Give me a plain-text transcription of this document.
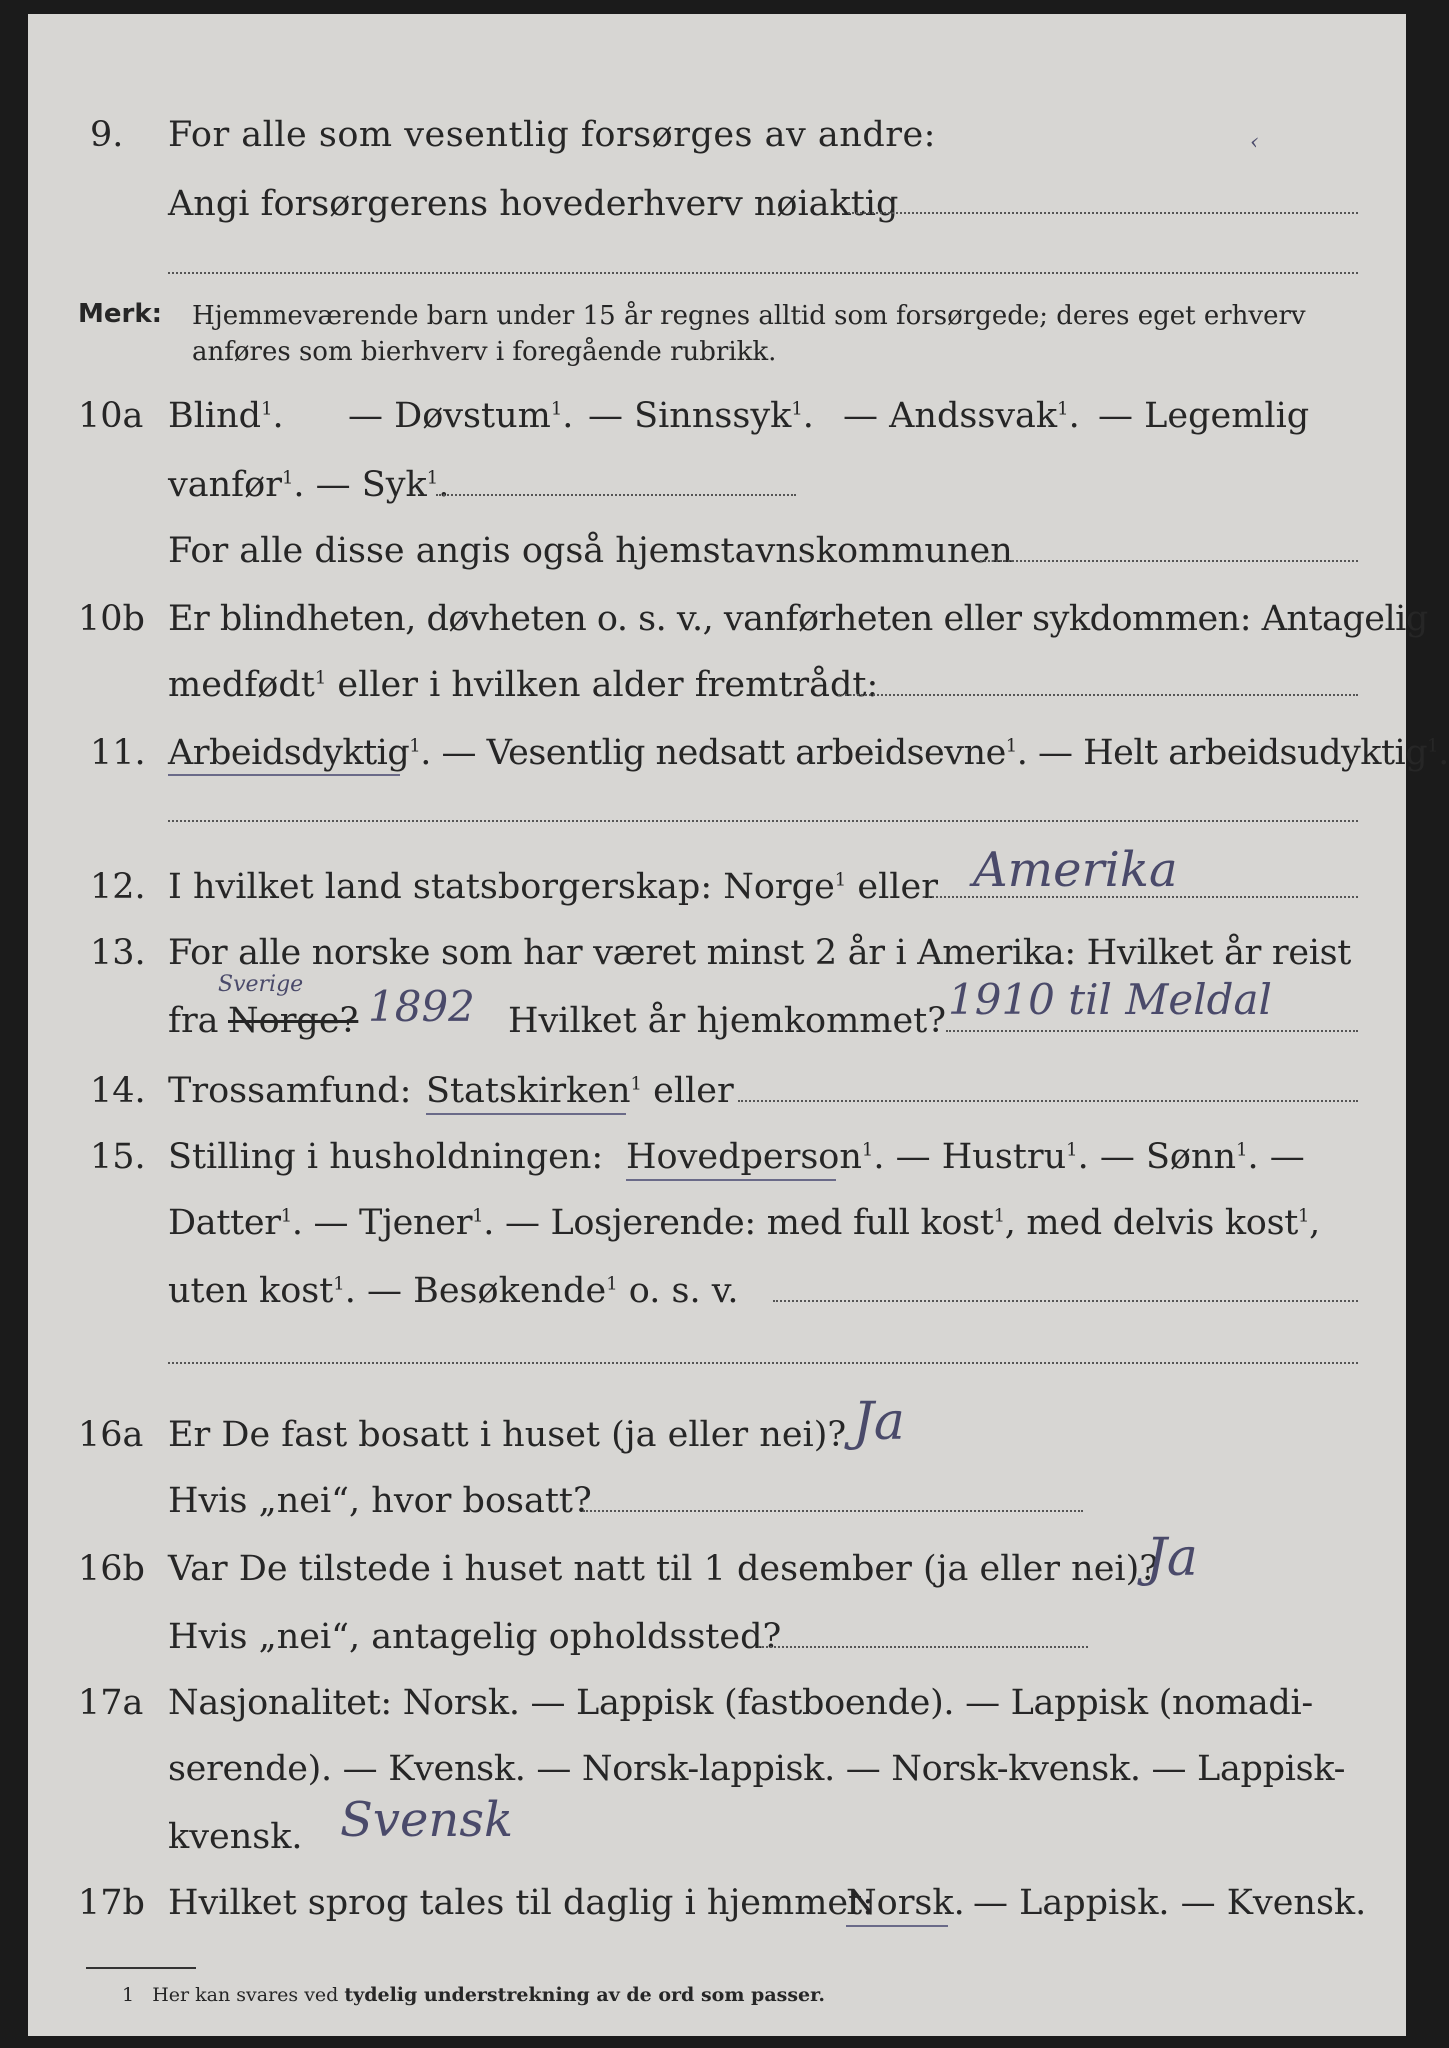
9. For alle som vesentlig forsørges av andre:	‹
Angi forsørgerens hovederhverv nøiaktig
Merk: Hjemmeværende barn under 15 år regnes alltid som forsørgede; deres eget erhverv
anføres som bierhverv i foregående rubrikk.
10a Blind$^1$. — Døvstum$^1$. — Sinnssyk$^1$. — Andssvak$^1$. — Legemlig
vanfør$^1$. — Syk$^1$.
For alle disse angis også hjemstavnskommunen
10b Er blindheten, døvheten o. s. v., vanførheten eller sykdommen: Antagelig
medfødt$^1$ eller i hvilken alder fremtrådt:
11. Arbeidsdyktig$^1$. — Vesentlig nedsatt arbeidsevne$^1$. — Helt arbeidsudyktig$^1$.
12. I hvilket land statsborgerskap: Norge$^1$ eller Amerika
13. For alle norske som har været minst 2 år i Amerika: Hvilket år reist
fra Norge?
Sverige 1892 Hvilket år hjemkommet? 1910 til Meldal
14. Trossamfund: Statskirken$^1$ eller
15. Stilling i husholdningen: Hovedperson$^1$. — Hustru$^1$. — Sønn$^1$. —
Datter$^1$. — Tjener$^1$. — Losjerende: med full kost$^1$, med delvis kost$^1$,
uten kost$^1$. — Besøkende$^1$ o. s. v.
16a Er De fast bosatt i huset (ja eller nei)? Ja
Hvis „nei“, hvor bosatt?
16b Var De tilstede i huset natt til 1 desember (ja eller nei)?
Ja
Hvis „nei“, antagelig opholdssted?
17a Nasjonalitet: Norsk. — Lappisk (fastboende). — Lappisk (nomadi-
serende). — Kvensk. — Norsk-lappisk. — Norsk-kvensk. — Lappisk-
kvensk. Svensk
17b Hvilket sprog tales til daglig i hjemmet:
Norsk. — Lappisk. — Kvensk.
1 Her kan svares ved tydelig understrekning av de ord som passer.
